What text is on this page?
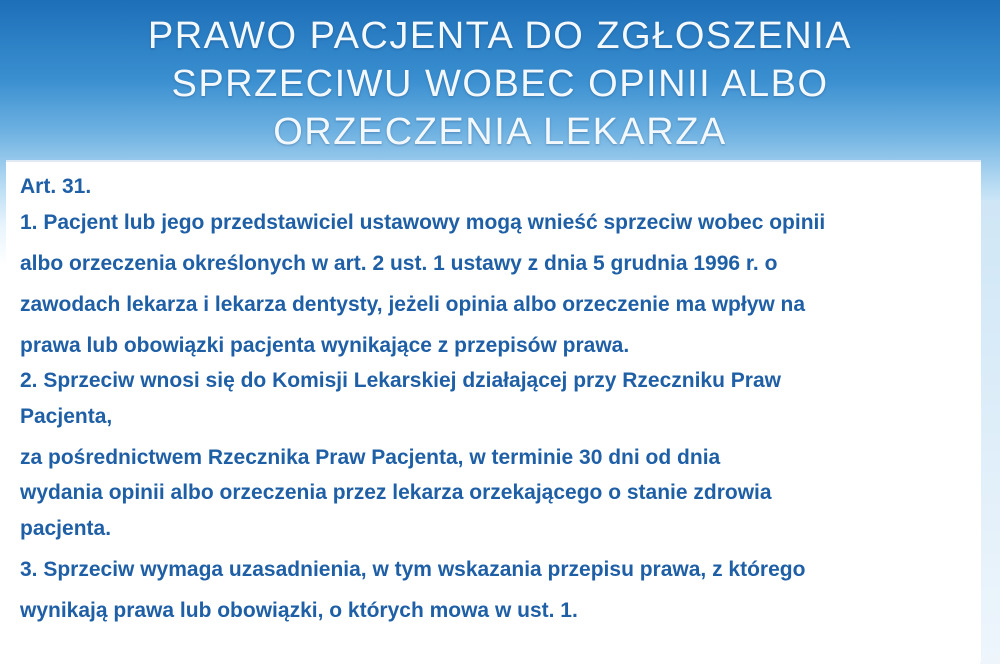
PRAWO PACJENTA DO ZGŁOSZENIA
SPRZECIWU WOBEC OPINII ALBO
ORZECZENIA LEKARZA
Art. 31.
1. Pacjent lub jego przedstawiciel ustawowy mogą wnieść sprzeciw wobec opinii
albo orzeczenia określonych w art. 2 ust. 1 ustawy z dnia 5 grudnia 1996 r. o
zawodach lekarza i lekarza dentysty, jeżeli opinia albo orzeczenie ma wpływ na
prawa lub obowiązki pacjenta wynikające z przepisów prawa.
2. Sprzeciw wnosi się do Komisji Lekarskiej działającej przy Rzeczniku Praw
Pacjenta,
za pośrednictwem Rzecznika Praw Pacjenta, w terminie 30 dni od dnia
wydania opinii albo orzeczenia przez lekarza orzekającego o stanie zdrowia
pacjenta.
3. Sprzeciw wymaga uzasadnienia, w tym wskazania przepisu prawa, z którego
wynikają prawa lub obowiązki, o których mowa w ust. 1.
